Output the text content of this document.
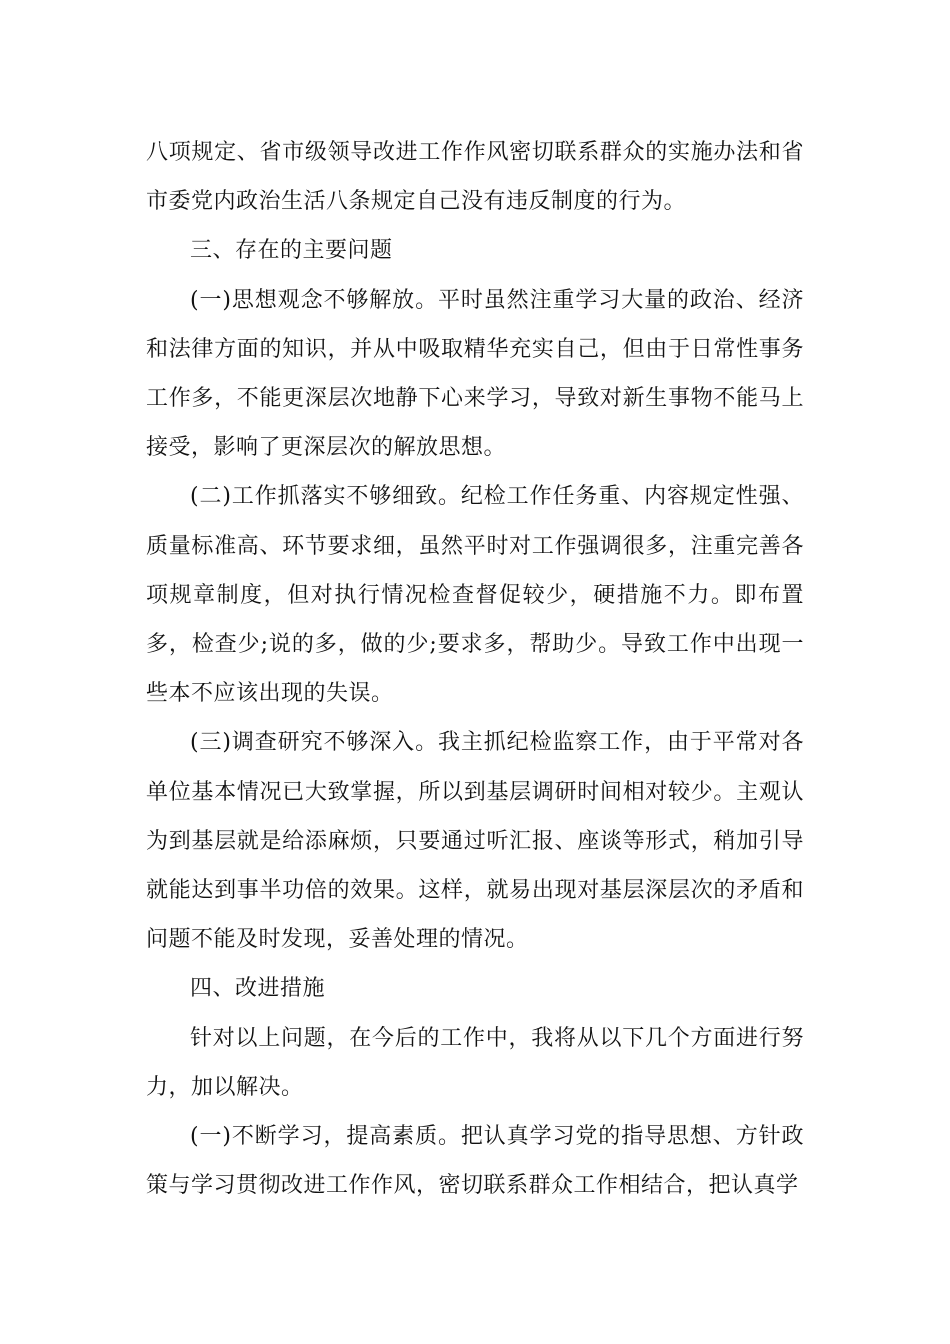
八项规定、省市级领导改进工作作风密切联系群众的实施办法和省市委党内政治生活八条规定自己没有违反制度的行为。

三、存在的主要问题

(一)思想观念不够解放。平时虽然注重学习大量的政治、经济和法律方面的知识，并从中吸取精华充实自己，但由于日常性事务工作多，不能更深层次地静下心来学习，导致对新生事物不能马上接受，影响了更深层次的解放思想。

(二)工作抓落实不够细致。纪检工作任务重、内容规定性强、质量标准高、环节要求细，虽然平时对工作强调很多，注重完善各项规章制度，但对执行情况检查督促较少，硬措施不力。即布置多，检查少;说的多，做的少;要求多，帮助少。导致工作中出现一些本不应该出现的失误。

(三)调查研究不够深入。我主抓纪检监察工作，由于平常对各单位基本情况已大致掌握，所以到基层调研时间相对较少。主观认为到基层就是给添麻烦，只要通过听汇报、座谈等形式，稍加引导就能达到事半功倍的效果。这样，就易出现对基层深层次的矛盾和问题不能及时发现，妥善处理的情况。

四、改进措施

针对以上问题，在今后的工作中，我将从以下几个方面进行努力，加以解决。

(一)不断学习，提高素质。把认真学习党的指导思想、方针政策与学习贯彻改进工作作风，密切联系群众工作相结合，把认真学
